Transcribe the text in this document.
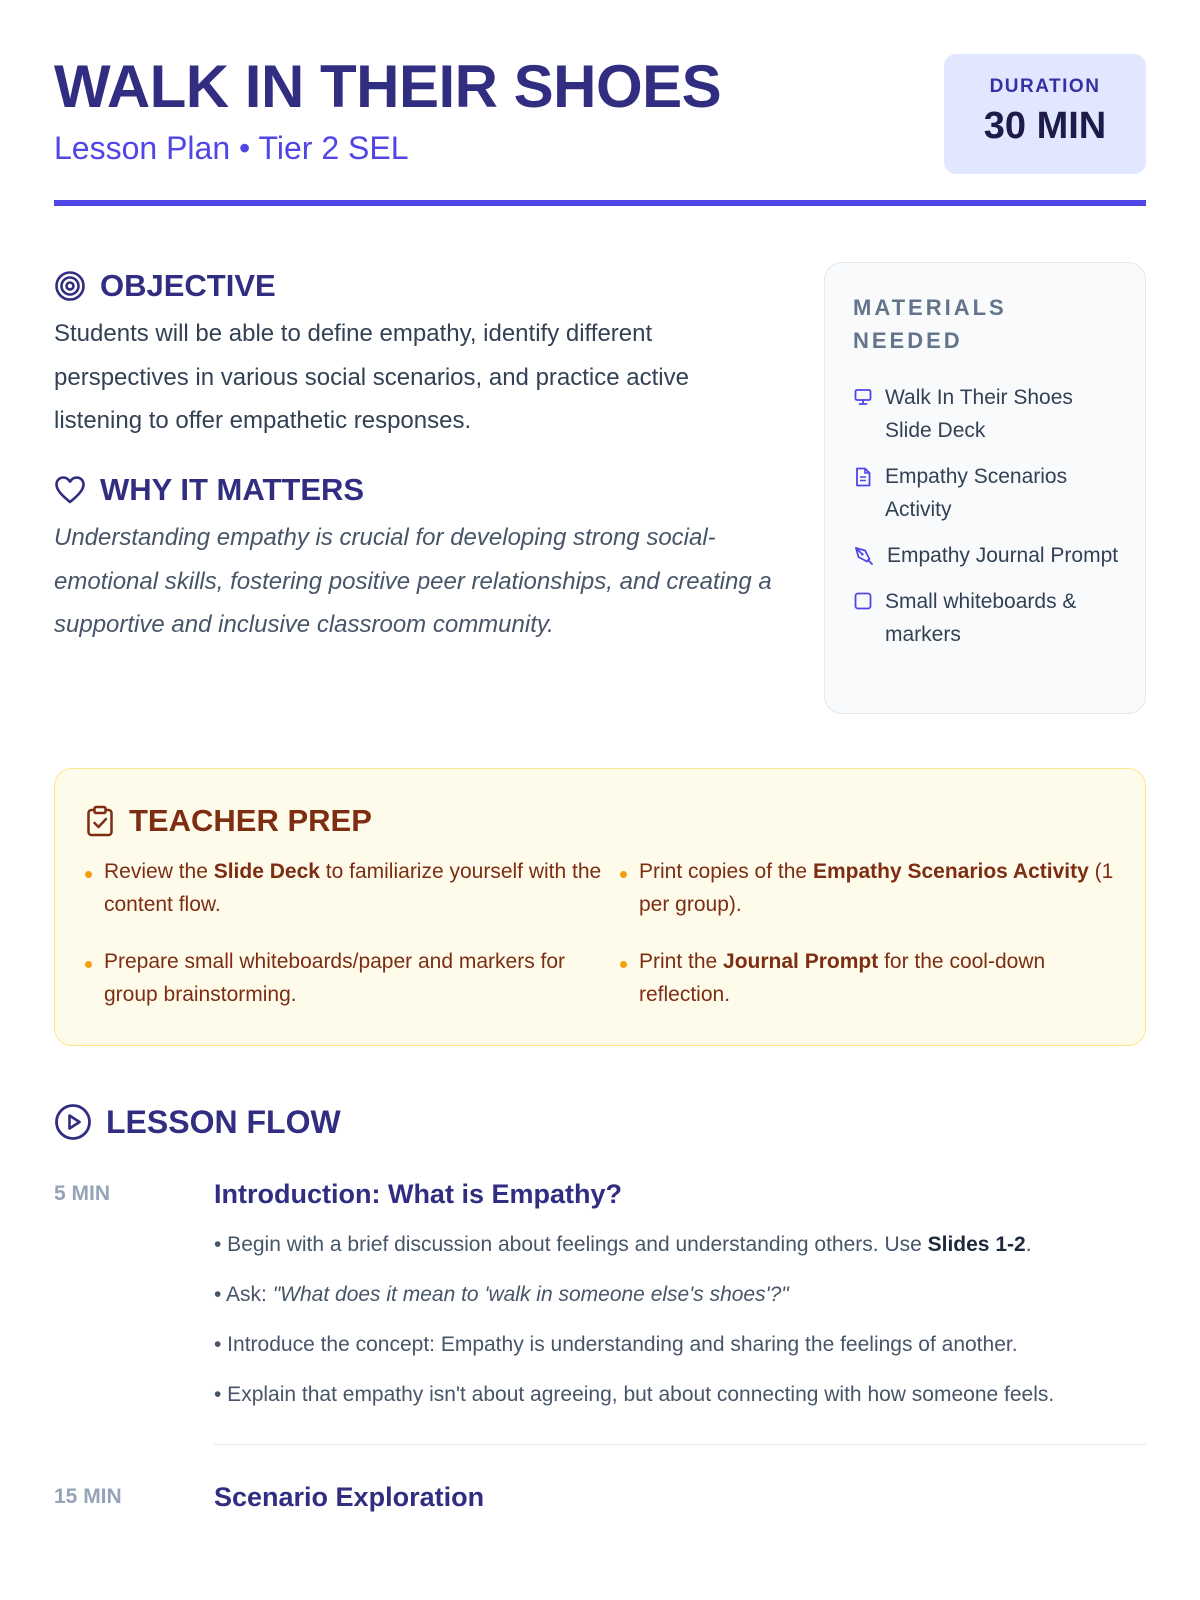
WALK IN THEIR SHOES
Lesson Plan • Tier 2 SEL
DURATION
30 MIN
OBJECTIVE

Students will be able to define empathy, identify different perspectives in various social scenarios, and practice active listening to offer empathetic responses.

WHY IT MATTERS

Understanding empathy is crucial for developing strong social-emotional skills, fostering positive peer relationships, and creating a supportive and inclusive classroom community.

MATERIALS NEEDED
Walk In Their Shoes Slide Deck
Empathy Scenarios Activity
Empathy Journal Prompt
Small whiteboards & markers
TEACHER PREP
Review the Slide Deck to familiarize yourself with the content flow.
Print copies of the Empathy Scenarios Activity (1 per group).
Prepare small whiteboards/paper and markers for group brainstorming.
Print the Journal Prompt for the cool-down reflection.
LESSON FLOW
5 MIN	Introduction: What is Empathy?
• Begin with a brief discussion about feelings and understanding others. Use Slides 1-2.
• Ask: "What does it mean to 'walk in someone else's shoes'?"
• Introduce the concept: Empathy is understanding and sharing the feelings of another.
• Explain that empathy isn't about agreeing, but about connecting with how someone feels.
15 MIN	Scenario Exploration
